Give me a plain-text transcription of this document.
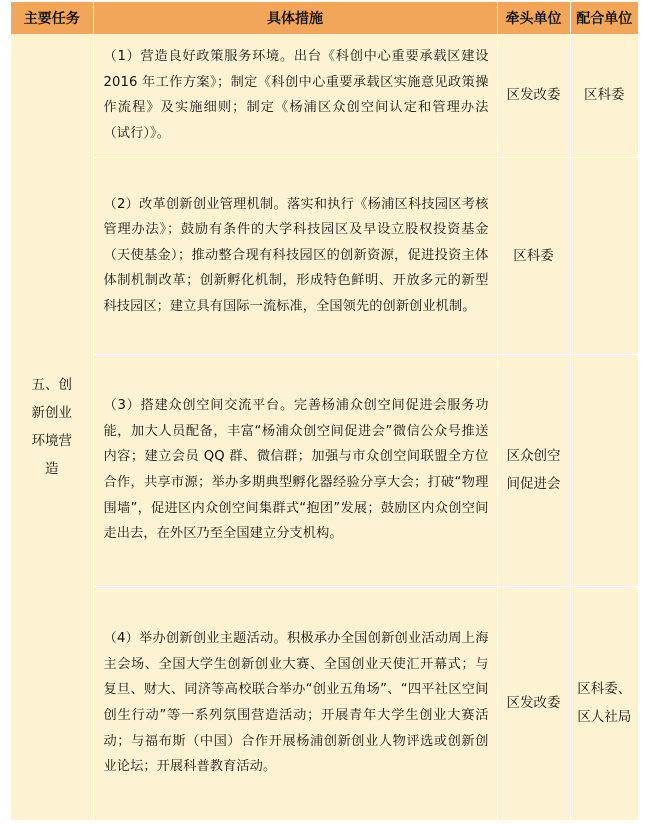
主要任务	具体措施	牵头单位	配合单位
五、创新创业环境营造	（1）营造良好政策服务环境。出台《科创中心重要承载区建设 2016 年工作方案》；制定《科创中心重要承载区实施意见政策操作流程》及实施细则；制定《杨浦区众创空间认定和管理办法（试行）》。	区发改委	区科委
	（2）改革创新创业管理机制。落实和执行《杨浦区科技园区考核管理办法》；鼓励有条件的大学科技园区及早设立股权投资基金（天使基金）；推动整合现有科技园区的创新资源，促进投资主体体制机制改革；创新孵化机制，形成特色鲜明、开放多元的新型科技园区；建立具有国际一流标准，全国领先的创新创业机制。	区科委	
	（3）搭建众创空间交流平台。完善杨浦众创空间促进会服务功能，加大人员配备，丰富“杨浦众创空间促进会”微信公众号推送内容；建立会员 QQ 群、微信群；加强与市众创空间联盟全方位合作，共享市源；举办多期典型孵化器经验分享大会；打破“物理围墙”，促进区内众创空间集群式“抱团”发展；鼓励区内众创空间走出去，在外区乃至全国建立分支机构。	区众创空间促进会	
	（4）举办创新创业主题活动。积极承办全国创新创业活动周上海主会场、全国大学生创新创业大赛、全国创业天使汇开幕式；与复旦、财大、同济等高校联合举办“创业五角场”、“四平社区空间创生行动”等一系列氛围营造活动；开展青年大学生创业大赛活动；与福布斯（中国）合作开展杨浦创新创业人物评选或创新创业论坛；开展科普教育活动。	区发改委	区科委、区人社局
